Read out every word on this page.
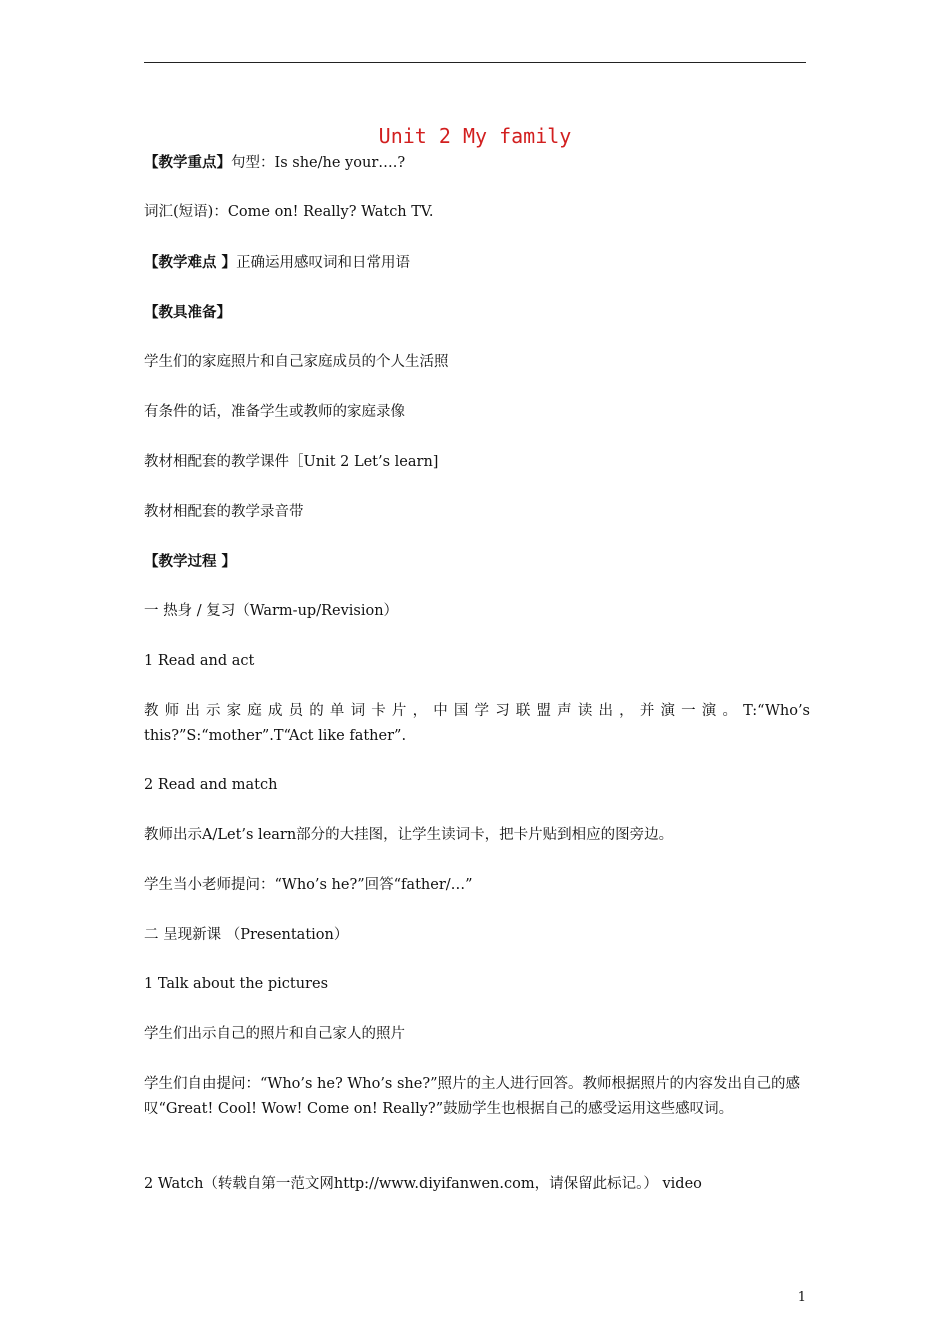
Unit 2 My family
【教学重点】句型：Is she/he your….?
词汇(短语)：Come on! Really? Watch TV.
【教学难点 】正确运用感叹词和日常用语
【教具准备】
学生们的家庭照片和自己家庭成员的个人生活照
有条件的话，准备学生或教师的家庭录像
教材相配套的教学课件［Unit 2 Let’s learn]
教材相配套的教学录音带
【教学过程 】
一 热身 / 复习（Warm-up/Revision）
1 Read and act
教 师 出 示 家 庭 成 员 的 单 词 卡 片 ， 中 国 学 习 联 盟 声 读 出 ， 并 演 一 演 。 T:“Who’s this?”S:“mother”.T“Act like father”.
2 Read and match
教师出示A/Let’s learn部分的大挂图，让学生读词卡，把卡片贴到相应的图旁边。
学生当小老师提问：“Who’s he?”回答“father/…”
二 呈现新课 （Presentation）
1 Talk about the pictures
学生们出示自己的照片和自己家人的照片
学生们自由提问：“Who’s he? Who’s she?”照片的主人进行回答。教师根据照片的内容发出自己的感叹“Great! Cool! Wow! Come on! Really?”鼓励学生也根据自己的感受运用这些感叹词。
2 Watch（转载自第一范文网http://www.diyifanwen.com，请保留此标记。） video
1
